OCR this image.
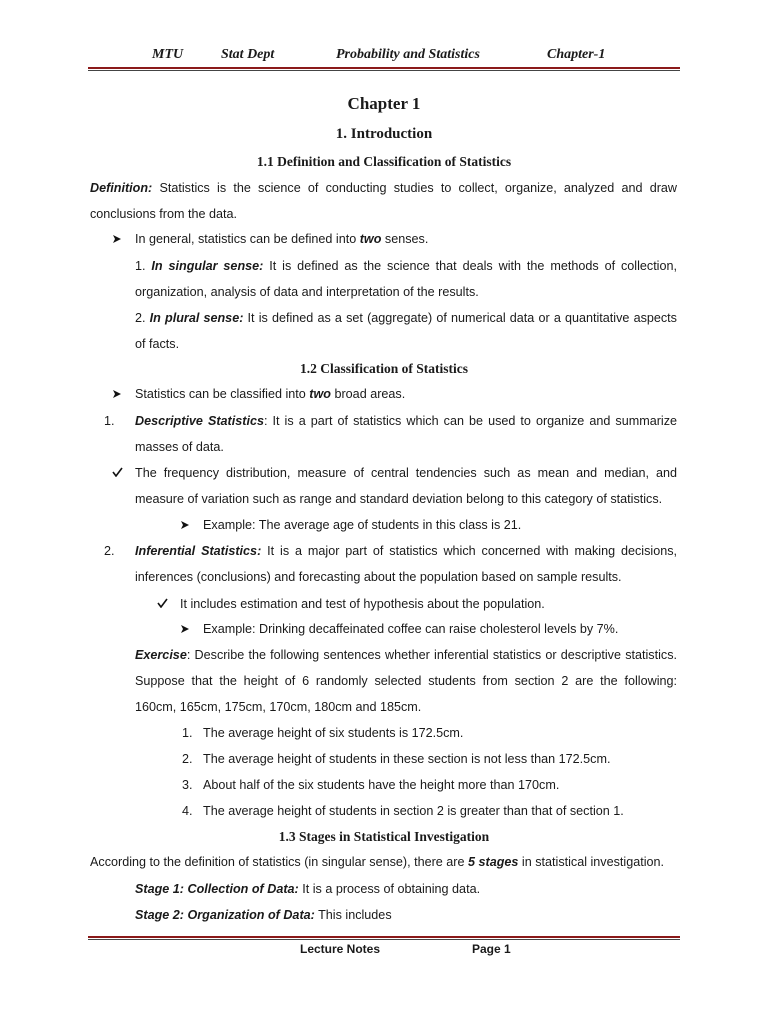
MTU	Stat Dept	Probability and Statistics	Chapter-1
Chapter 1
1. Introduction
1.1 Definition and Classification of Statistics
Definition: Statistics is the science of conducting studies to collect, organize, analyzed and draw
conclusions from the data.
In general, statistics can be defined into two senses.
1. In singular sense: It is defined as the science that deals with the methods of collection,
organization, analysis of data and interpretation of the results.
2. In plural sense: It is defined as a set (aggregate) of numerical data or a quantitative aspects
of facts.
1.2 Classification of Statistics
Statistics can be classified into two broad areas.
1. Descriptive Statistics: It is a part of statistics which can be used to organize and summarize
masses of data.
The frequency distribution, measure of central tendencies such as mean and median, and
measure of variation such as range and standard deviation belong to this category of statistics.
Example: The average age of students in this class is 21.
2. Inferential Statistics: It is a major part of statistics which concerned with making decisions,
inferences (conclusions) and forecasting about the population based on sample results.
It includes estimation and test of hypothesis about the population.
Example: Drinking decaffeinated coffee can raise cholesterol levels by 7%.
Exercise: Describe the following sentences whether inferential statistics or descriptive statistics.
Suppose that the height of 6 randomly selected students from section 2 are the following:
160cm, 165cm, 175cm, 170cm, 180cm and 185cm.
1. The average height of six students is 172.5cm.
2. The average height of students in these section is not less than 172.5cm.
3. About half of the six students have the height more than 170cm.
4. The average height of students in section 2 is greater than that of section 1.
1.3 Stages in Statistical Investigation
According to the definition of statistics (in singular sense), there are 5 stages in statistical investigation.
Stage 1: Collection of Data: It is a process of obtaining data.
Stage 2: Organization of Data: This includes
Lecture Notes	Page 1
